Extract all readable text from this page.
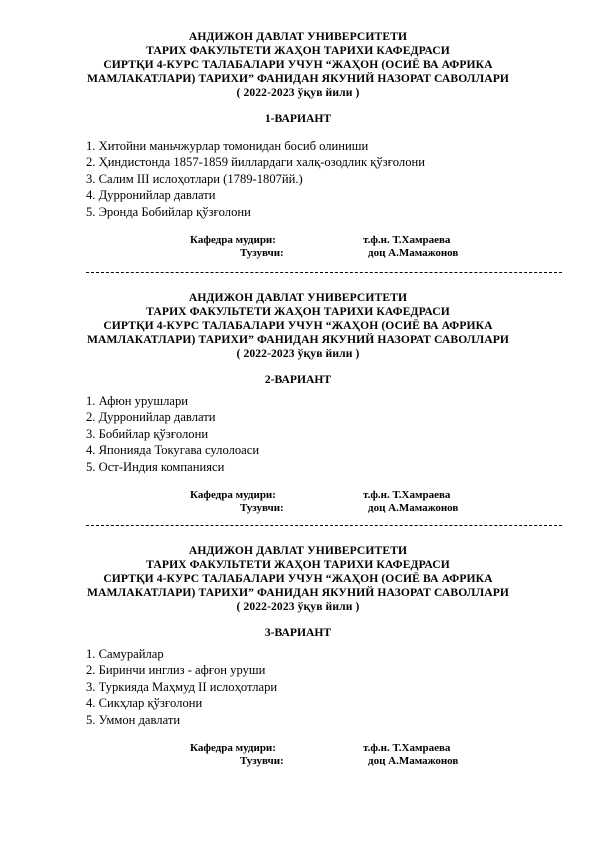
АНДИЖОН ДАВЛАТ УНИВЕРСИТЕТИ
ТАРИХ ФАКУЛЬТЕТИ ЖАҲОН ТАРИХИ КАФЕДРАСИ
СИРТҚИ 4-КУРС ТАЛАБАЛАРИ УЧУН “ЖАҲОН (ОСИЁ ВА АФРИКА
МАМЛАКАТЛАРИ) ТАРИХИ” ФАНИДАН ЯКУНИЙ НАЗОРАТ САВОЛЛАРИ
( 2022-2023 ўқув йили )
1-ВАРИАНТ
1. Хитойни маньчжурлар томонидан босиб олиниши
2. Ҳиндистонда 1857-1859 йиллардаги халқ-озодлик қўзғолони
3. Салим III ислоҳотлари (1789-1807йй.)
4. Дурронийлар давлати
5. Эронда Бобийлар қўзғолони
Кафедра мудири:	т.ф.н. Т.Хамраева
Тузувчи:	доц А.Мамажонов
АНДИЖОН ДАВЛАТ УНИВЕРСИТЕТИ
ТАРИХ ФАКУЛЬТЕТИ ЖАҲОН ТАРИХИ КАФЕДРАСИ
СИРТҚИ 4-КУРС ТАЛАБАЛАРИ УЧУН “ЖАҲОН (ОСИЁ ВА АФРИКА
МАМЛАКАТЛАРИ) ТАРИХИ” ФАНИДАН ЯКУНИЙ НАЗОРАТ САВОЛЛАРИ
( 2022-2023 ўқув йили )
2-ВАРИАНТ
1. Афюн урушлари
2. Дурронийлар давлати
3. Бобийлар қўзғолони
4. Японияда Токугава сулолоаси
5. Ост-Индия компанияси
Кафедра мудири:	т.ф.н. Т.Хамраева
Тузувчи:	доц А.Мамажонов
АНДИЖОН ДАВЛАТ УНИВЕРСИТЕТИ
ТАРИХ ФАКУЛЬТЕТИ ЖАҲОН ТАРИХИ КАФЕДРАСИ
СИРТҚИ 4-КУРС ТАЛАБАЛАРИ УЧУН “ЖАҲОН (ОСИЁ ВА АФРИКА
МАМЛАКАТЛАРИ) ТАРИХИ” ФАНИДАН ЯКУНИЙ НАЗОРАТ САВОЛЛАРИ
( 2022-2023 ўқув йили )
3-ВАРИАНТ
1. Самурайлар
2. Биринчи инглиз - афғон уруши
3. Туркияда Маҳмуд II ислоҳотлари
4. Сикҳлар қўзғолони
5. Уммон давлати
Кафедра мудири:	т.ф.н. Т.Хамраева
Тузувчи:	доц А.Мамажонов
